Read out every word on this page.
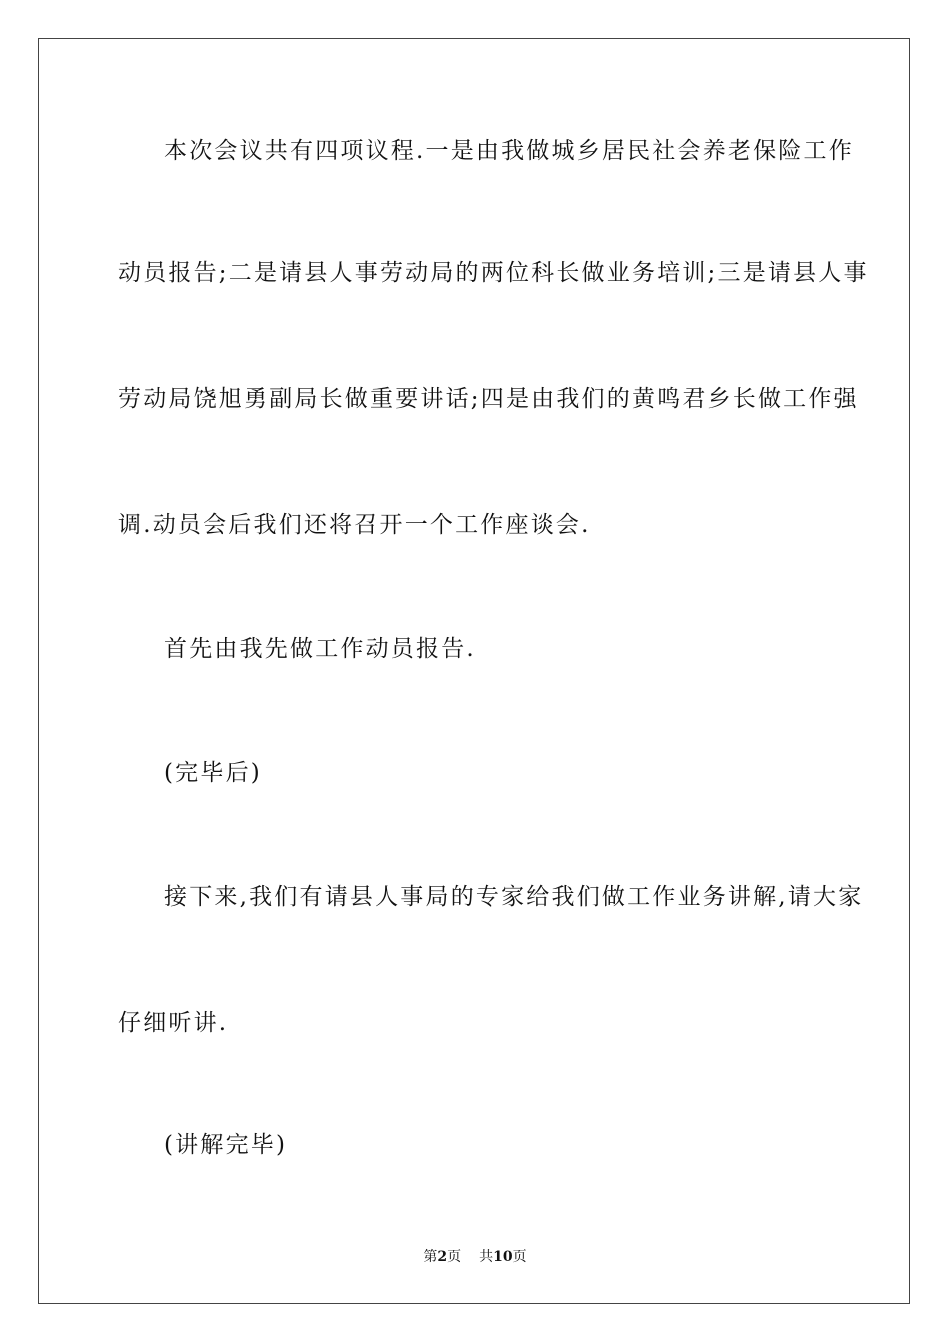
本次会议共有四项议程.一是由我做城乡居民社会养老保险工作
动员报告;二是请县人事劳动局的两位科长做业务培训;三是请县人事
劳动局饶旭勇副局长做重要讲话;四是由我们的黄鸣君乡长做工作强
调.动员会后我们还将召开一个工作座谈会.
首先由我先做工作动员报告.
(完毕后)
接下来,我们有请县人事局的专家给我们做工作业务讲解,请大家
仔细听讲.
(讲解完毕)
第2页 共10页
